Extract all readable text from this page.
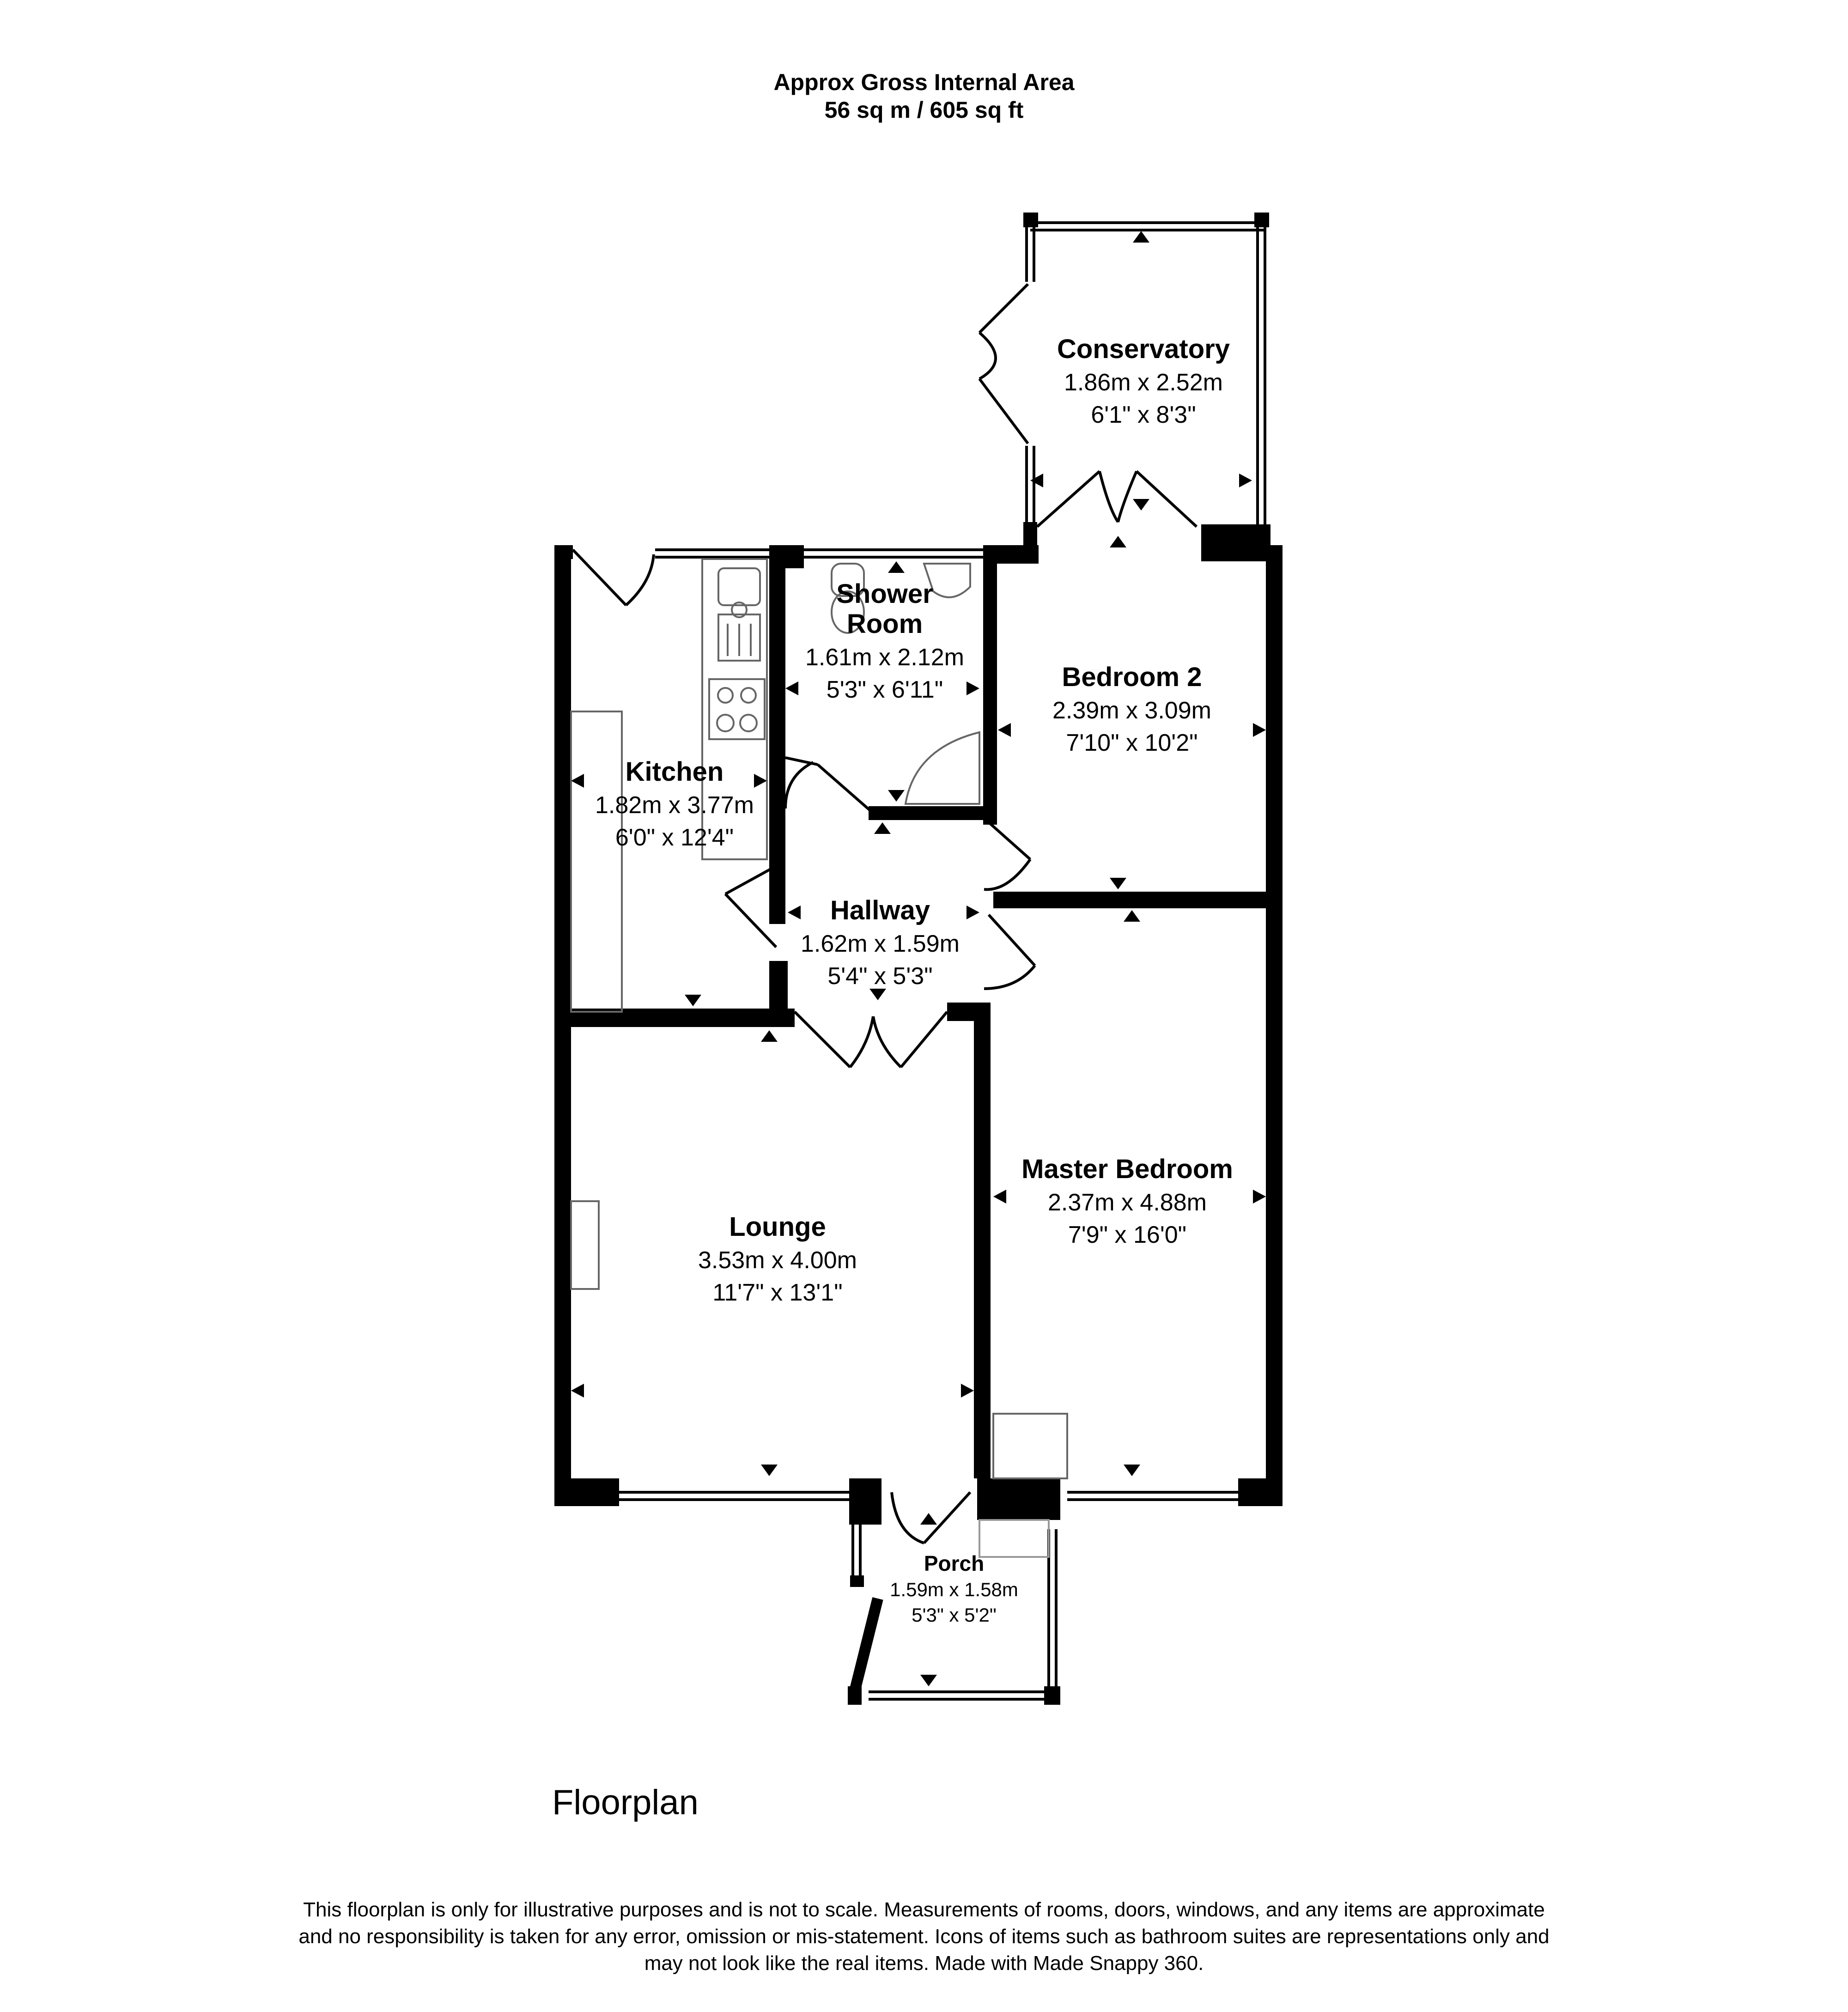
Approx Gross Internal Area
56 sq m / 605 sq ft
Conservatory
1.86m x 2.52m
6'1" x 8'3"
Shower
Room
1.61m x 2.12m
5'3" x 6'11"	Bedroom 2
2.39m x 3.09m
7'10" x 10'2"
Kitchen
1.82m x 3.77m
6'0" x 12'4"
Hallway
1.62m x 1.59m
5'4" x 5'3"
Lounge
3.53m x 4.00m
11'7" x 13'1"
Master Bedroom
2.37m x 4.88m
7'9" x 16'0"
Porch
1.59m x 1.58m
5'3" x 5'2"
Floorplan
This floorplan is only for illustrative purposes and is not to scale. Measurements of rooms, doors, windows, and any items are approximate
and no responsibility is taken for any error, omission or mis-statement. Icons of items such as bathroom suites are representations only and
may not look like the real items. Made with Made Snappy 360.
